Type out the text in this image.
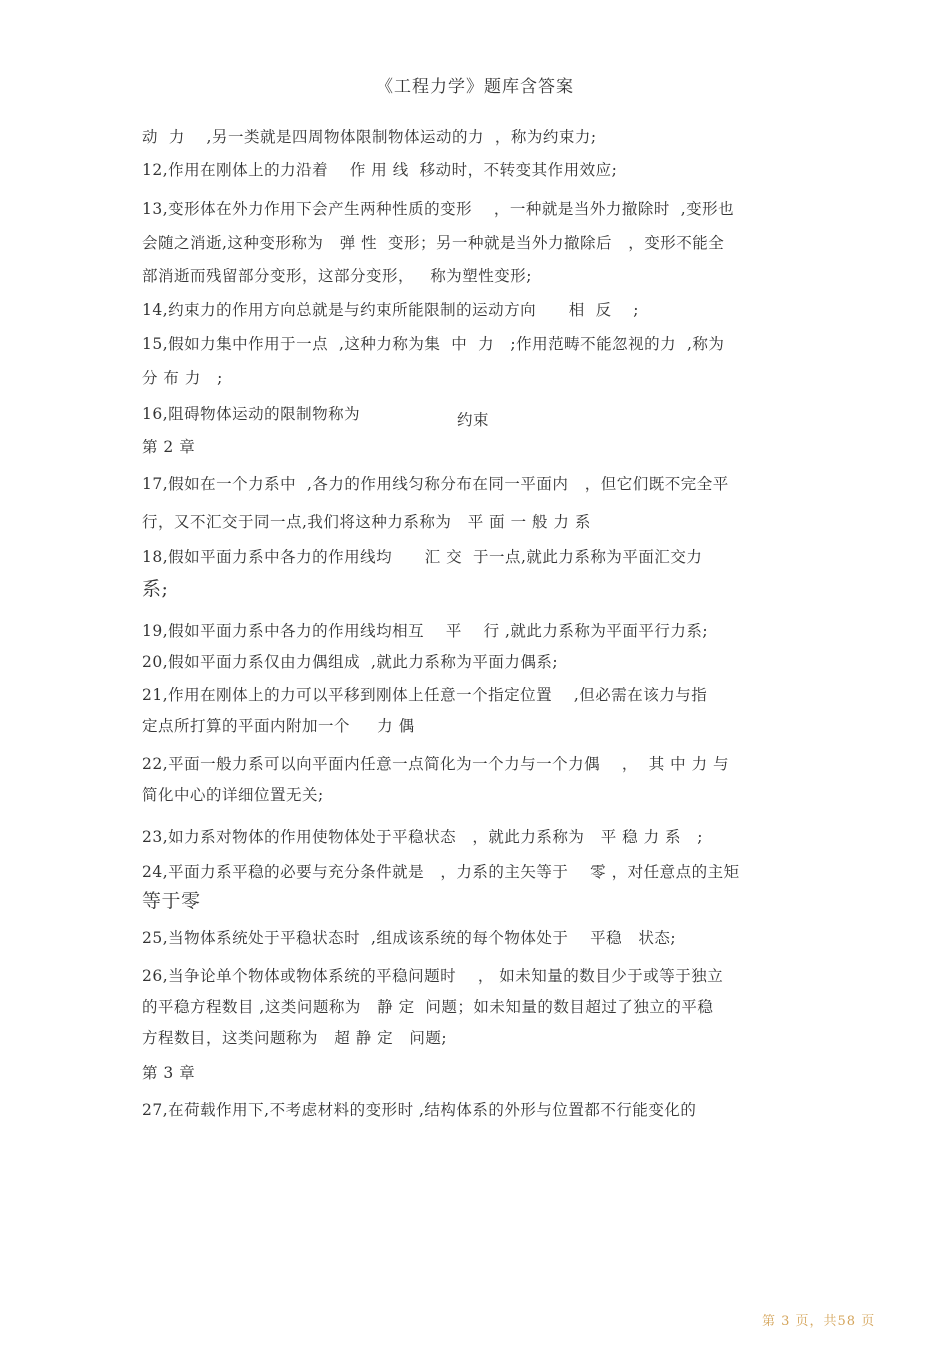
《工程力学》题库含答案
动  力    ,另一类就是四周物体限制物体运动的力  ，称为约束力;
12,作用在刚体上的力沿着    作 用 线  移动时，不转变其作用效应;
13,变形体在外力作用下会产生两种性质的变形    ，一种就是当外力撤除时  ,变形也
会随之消逝,这种变形称为   弹 性  变形；另一种就是当外力撤除后   ，变形不能全
部消逝而残留部分变形，这部分变形，   称为塑性变形;
14,约束力的作用方向总就是与约束所能限制的运动方向      相  反    ;
15,假如力集中作用于一点  ,这种力称为集  中  力   ;作用范畴不能忽视的力  ,称为
分 布 力   ;
16,阻碍物体运动的限制物称为	约束
第 2 章
17,假如在一个力系中  ,各力的作用线匀称分布在同一平面内   ，但它们既不完全平
行，又不汇交于同一点,我们将这种力系称为   平 面 一 般 力 系
18,假如平面力系中各力的作用线均      汇 交  于一点,就此力系称为平面汇交力
系;
19,假如平面力系中各力的作用线均相互    平    行 ,就此力系称为平面平行力系;
20,假如平面力系仅由力偶组成  ,就此力系称为平面力偶系;
21,作用在刚体上的力可以平移到刚体上任意一个指定位置    ,但必需在该力与指
定点所打算的平面内附加一个     力 偶
22,平面一般力系可以向平面内任意一点简化为一个力与一个力偶    ，  其 中 力 与
简化中心的详细位置无关;
23,如力系对物体的作用使物体处于平稳状态   ，就此力系称为   平 稳 力 系   ;
24,平面力系平稳的必要与充分条件就是   ，力系的主矢等于    零 ，对任意点的主矩
等于零
25,当物体系统处于平稳状态时  ,组成该系统的每个物体处于    平稳   状态;
26,当争论单个物体或物体系统的平稳问题时    ， 如未知量的数目少于或等于独立
的平稳方程数目 ,这类问题称为   静 定  问题；如未知量的数目超过了独立的平稳
方程数目，这类问题称为   超 静 定   问题;
第 3 章
27,在荷载作用下,不考虑材料的变形时 ,结构体系的外形与位置都不行能变化的
第 3 页，共58 页
